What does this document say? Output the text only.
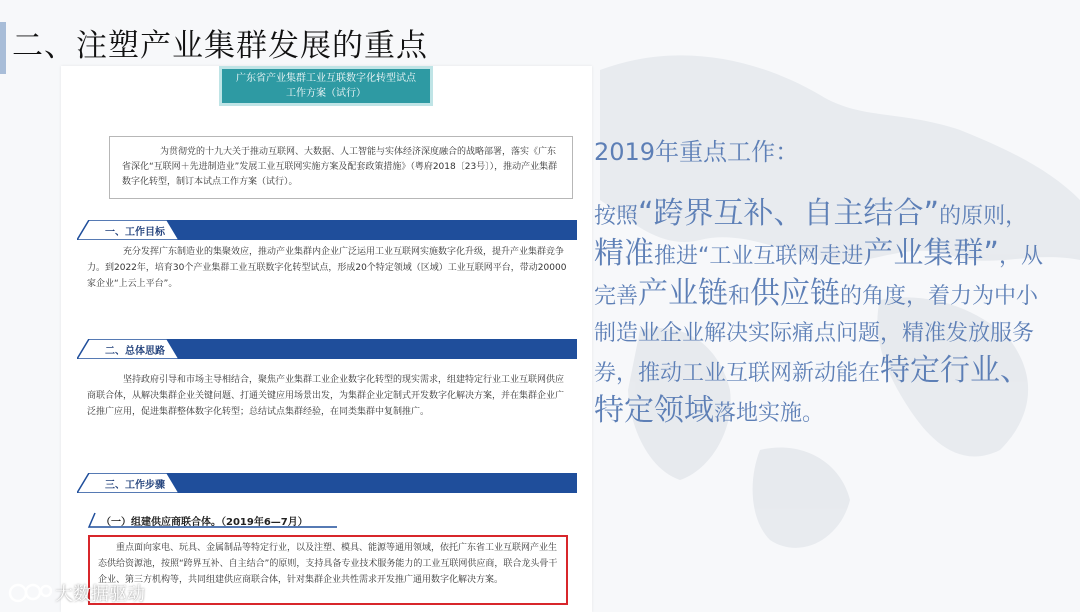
二、注塑产业集群发展的重点
广东省产业集群工业互联数字化转型试点
工作方案（试行）

为贯彻党的十九大关于推动互联网、大数据、人工智能与实体经济深度融合的战略部署，落实《广东省深化“互联网＋先进制造业”发展工业互联网实施方案及配套政策措施》（粤府2018〔23号〕），推动产业集群数字化转型，制订本试点工作方案（试行）。

一、工作目标

充分发挥广东制造业的集聚效应，推动产业集群内企业广泛运用工业互联网实施数字化升级，提升产业集群竞争力。到2022年，培育30个产业集群工业互联数字化转型试点，形成20个特定领域（区域）工业互联网平台，带动20000家企业“上云上平台”。

二、总体思路

坚持政府引导和市场主导相结合，聚焦产业集群工业企业数字化转型的现实需求，组建特定行业工业互联网供应商联合体，从解决集群企业关键问题、打通关键应用场景出发，为集群企业定制式开发数字化解决方案，并在集群企业广泛推广应用，促进集群整体数字化转型；总结试点集群经验，在同类集群中复制推广。

三、工作步骤
（一）组建供应商联合体。（2019年6—7月）

重点面向家电、玩具、金属制品等特定行业，以及注塑、模具、能源等通用领域，依托广东省工业互联网产业生态供给资源池，按照“跨界互补、自主结合”的原则，支持具备专业技术服务能力的工业互联网供应商，联合龙头骨干企业、第三方机构等，共同组建供应商联合体，针对集群企业共性需求开发推广通用数字化解决方案。

2019年重点工作：
按照“跨界互补、自主结合”的原则，精准推进“工业互联网走进产业集群”，从完善产业链和供应链的角度，着力为中小制造业企业解决实际痛点问题，精准发放服务券，推动工业互联网新动能在特定行业、特定领域落地实施。
大数据驱动
